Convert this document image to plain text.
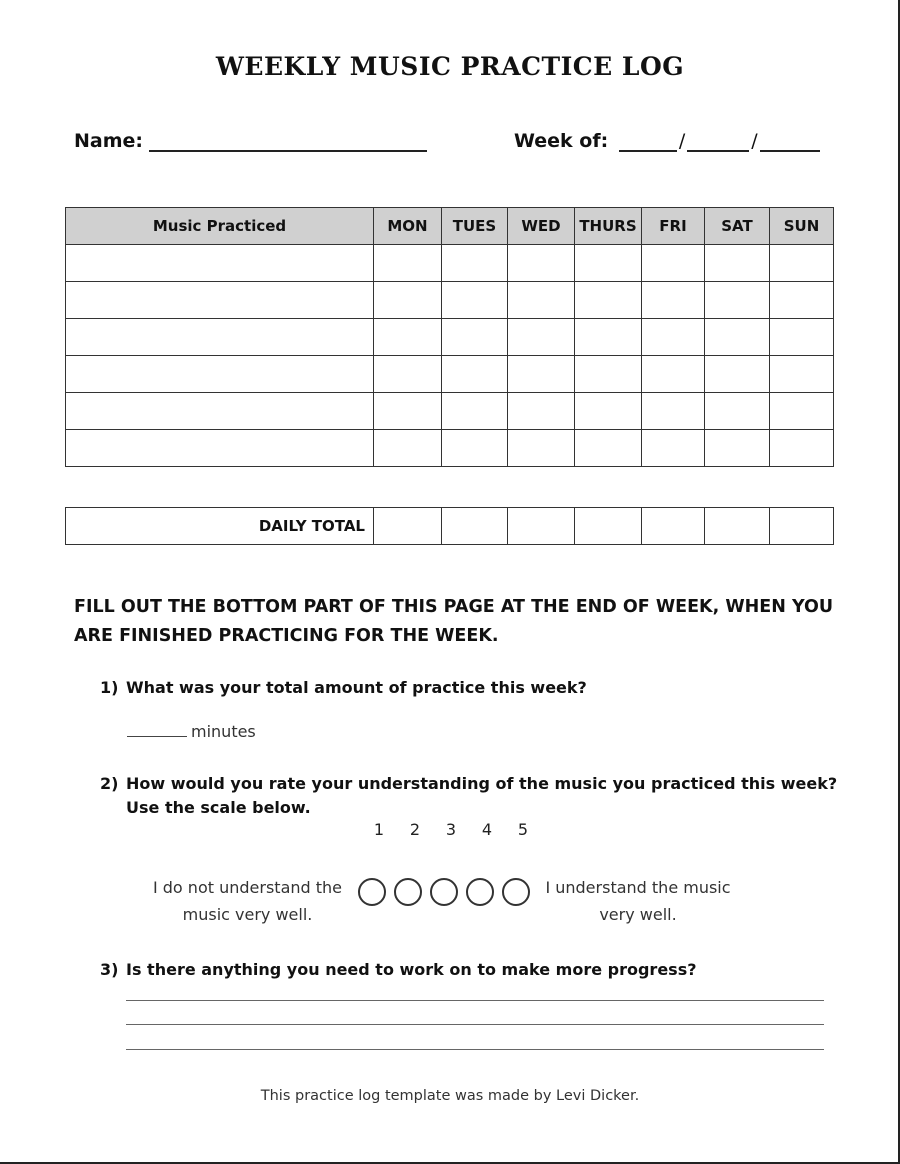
WEEKLY MUSIC PRACTICE LOG
Name:	Week of:	/	/
Music Practiced	MON	TUES	WED	THURS	FRI	SAT	SUN

DAILY TOTAL							
FILL OUT THE BOTTOM PART OF THIS PAGE AT THE END OF WEEK, WHEN YOU ARE FINISHED PRACTICING FOR THE WEEK.
1) What was your total amount of practice this week?
minutes
2) How would you rate your understanding of the music you practiced this week?
Use the scale below.
1 2 3 4 5
I do not understand the
music very well.
I understand the music
very well.
3) Is there anything you need to work on to make more progress?
This practice log template was made by Levi Dicker.
